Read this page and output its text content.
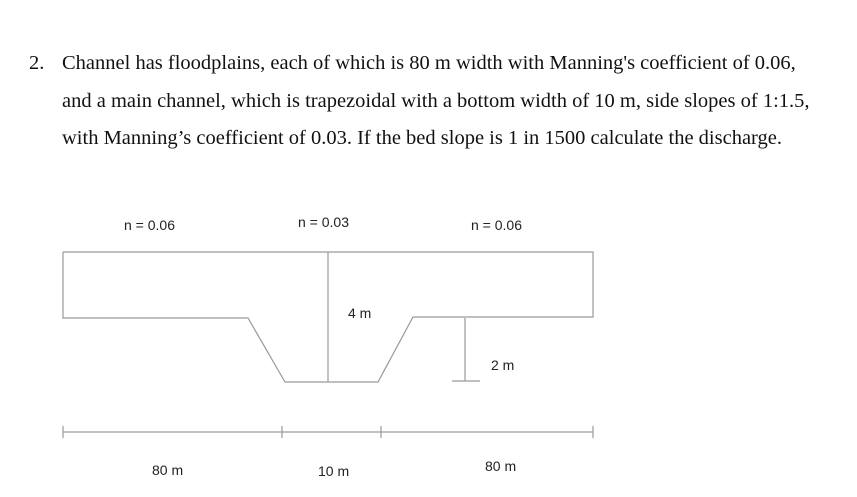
2. Channel has floodplains, each of which is 80 m width with Manning's coefficient of 0.06,
and a main channel, which is trapezoidal with a bottom width of 10 m, side slopes of 1:1.5,
with Manning’s coefficient of 0.03. If the bed slope is 1 in 1500 calculate the discharge.
n = 0.06	n = 0.03	n = 0.06
4 m
2 m
80 m	10 m	80 m
